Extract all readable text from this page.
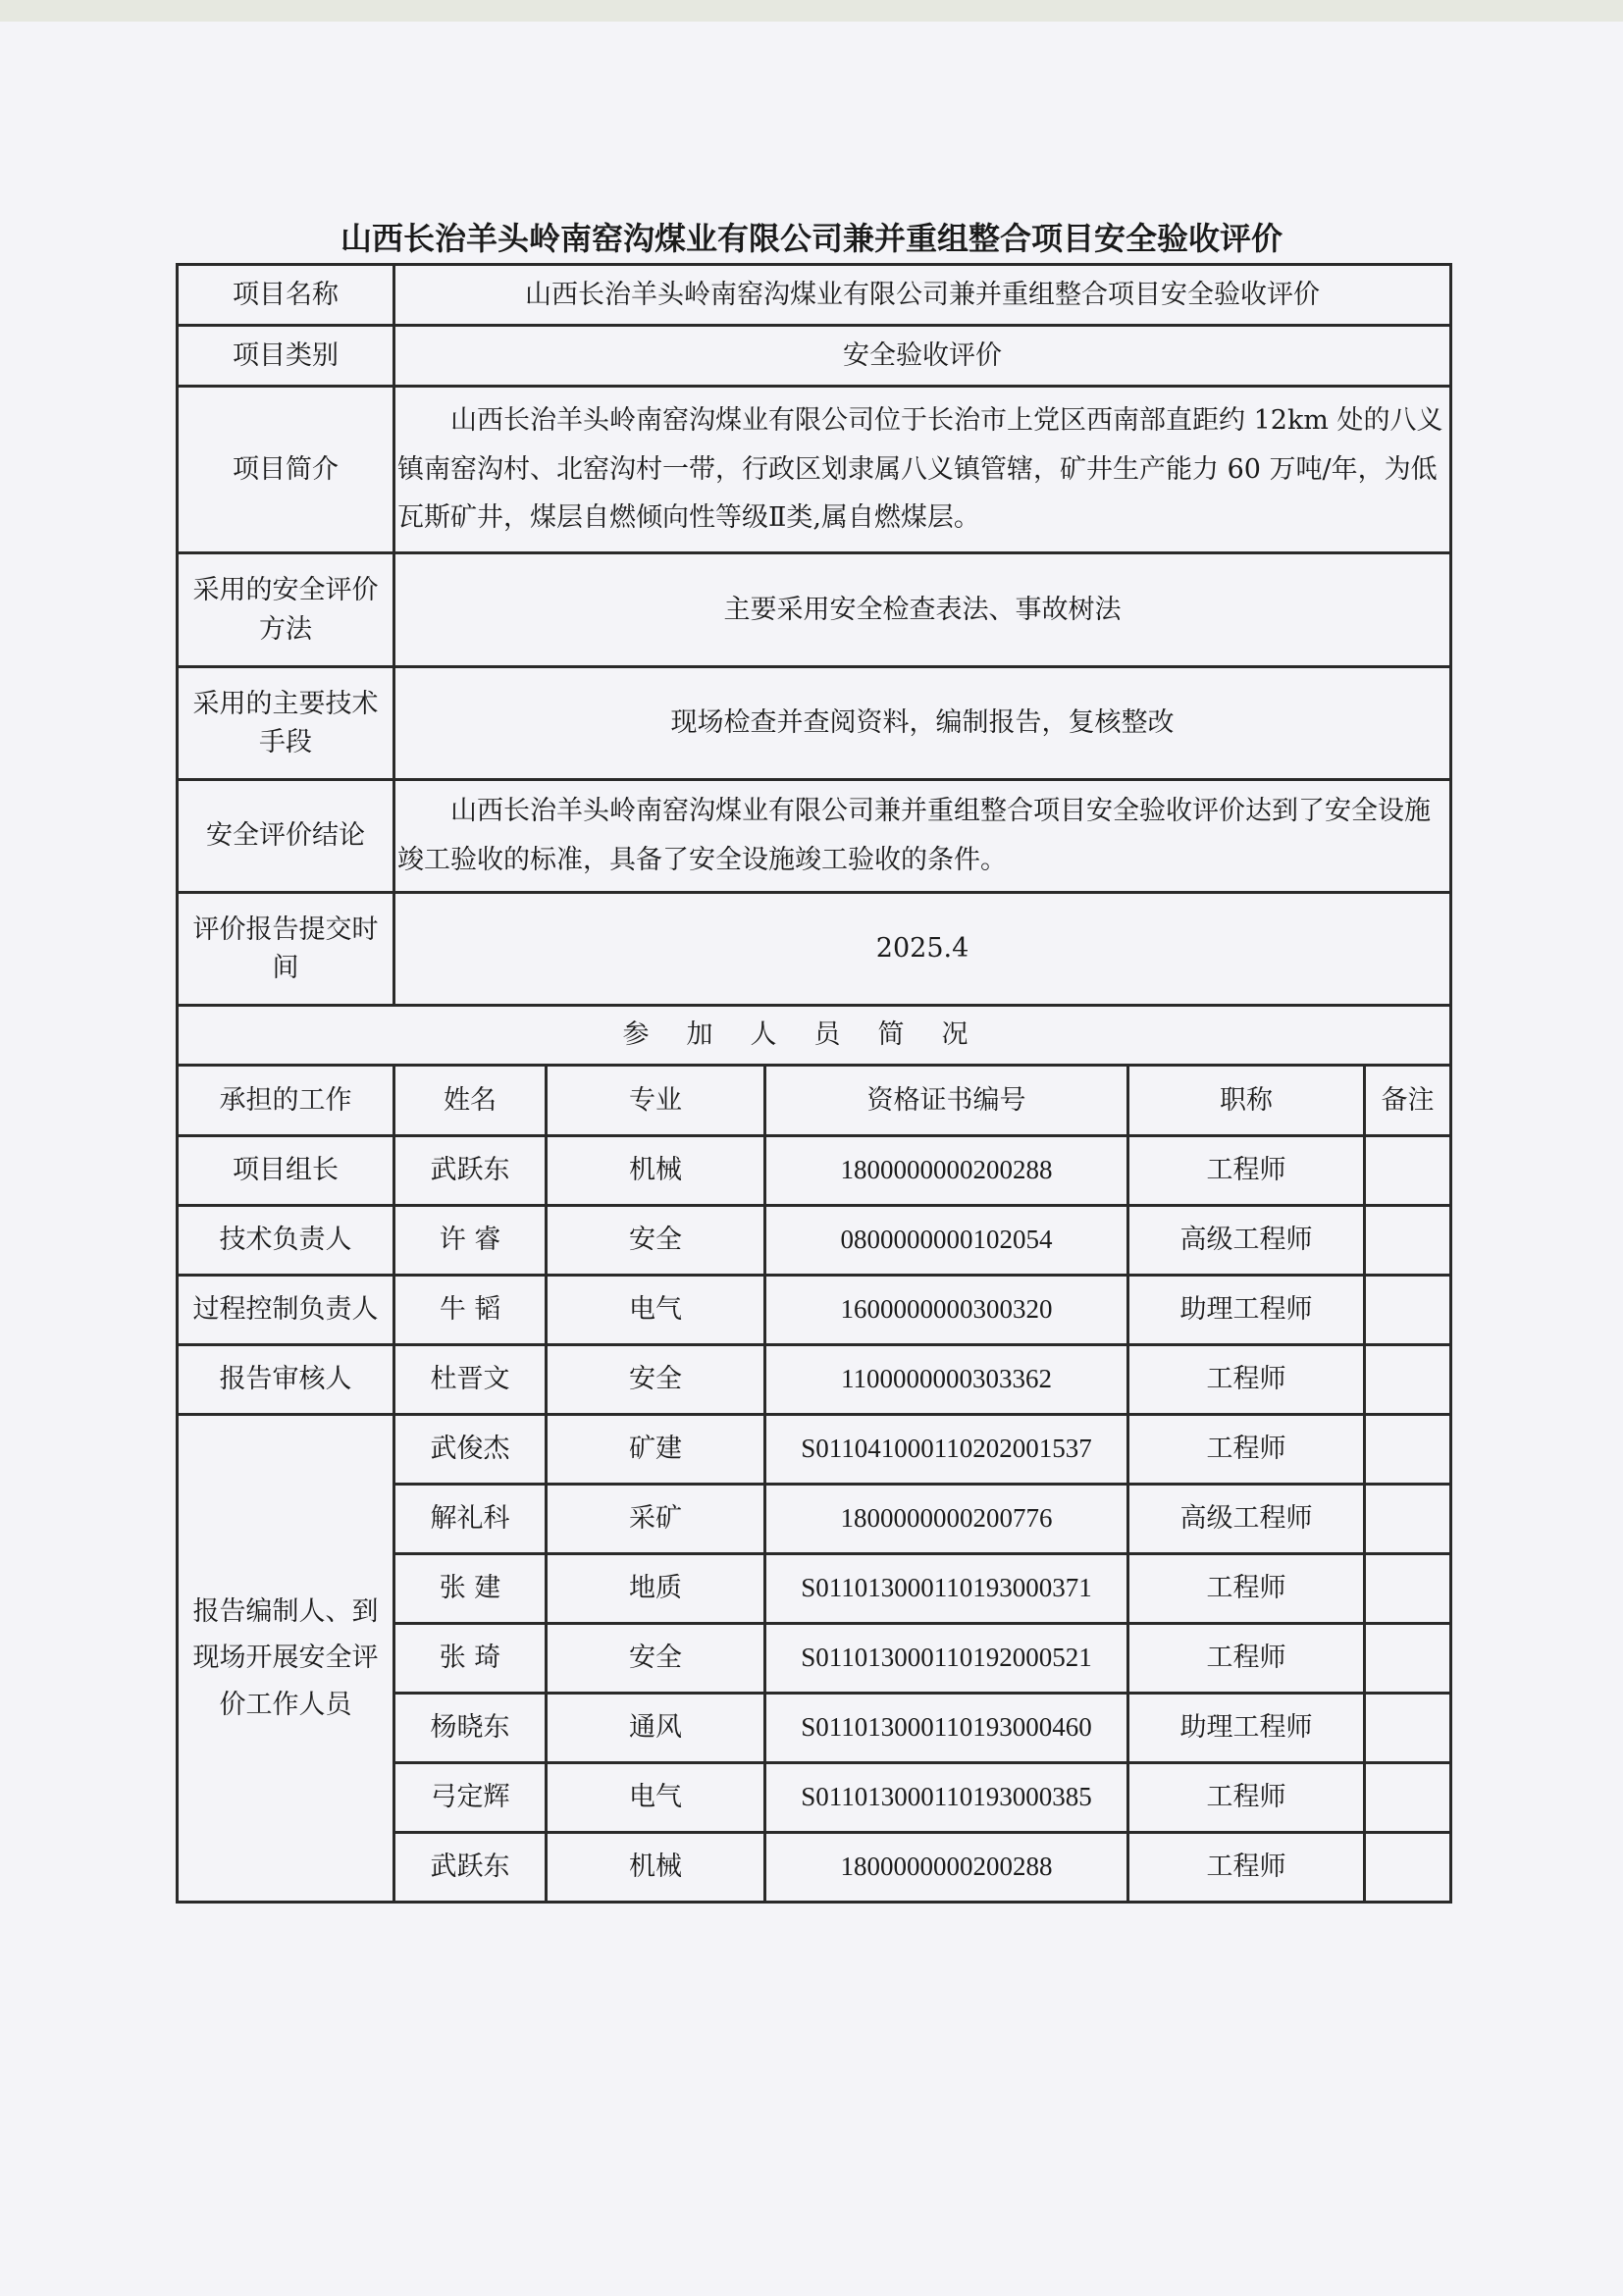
山西长治羊头岭南窑沟煤业有限公司兼并重组整合项目安全验收评价
项目名称	山西长治羊头岭南窑沟煤业有限公司兼并重组整合项目安全验收评价				
项目类别	安全验收评价				
项目简介	山西长治羊头岭南窑沟煤业有限公司位于长治市上党区西南部直距约 12km 处的八义镇南窑沟村、北窑沟村一带，行政区划隶属八义镇管辖，矿井生产能力 60 万吨/年，为低瓦斯矿井，煤层自燃倾向性等级Ⅱ类,属自燃煤层。				
采用的安全评价方法	主要采用安全检查表法、事故树法				
采用的主要技术手段	现场检查并查阅资料，编制报告，复核整改				
安全评价结论	山西长治羊头岭南窑沟煤业有限公司兼并重组整合项目安全验收评价达到了安全设施竣工验收的标准，具备了安全设施竣工验收的条件。				
评价报告提交时间	2025.4				
参加人员简况					
承担的工作	姓名	专业	资格证书编号	职称	备注
项目组长	武跃东	机械	1800000000200288	工程师	
技术负责人	许 睿	安全	0800000000102054	高级工程师	
过程控制负责人	牛 韬	电气	1600000000300320	助理工程师	
报告审核人	杜晋文	安全	1100000000303362	工程师	
报告编制人、到现场开展安全评价工作人员	武俊杰	矿建	S011041000110202001537	工程师	
	解礼科	采矿	1800000000200776	高级工程师	
	张 建	地质	S011013000110193000371	工程师	
	张 琦	安全	S011013000110192000521	工程师	
	杨晓东	通风	S011013000110193000460	助理工程师	
	弓定辉	电气	S011013000110193000385	工程师	
	武跃东	机械	1800000000200288	工程师	
